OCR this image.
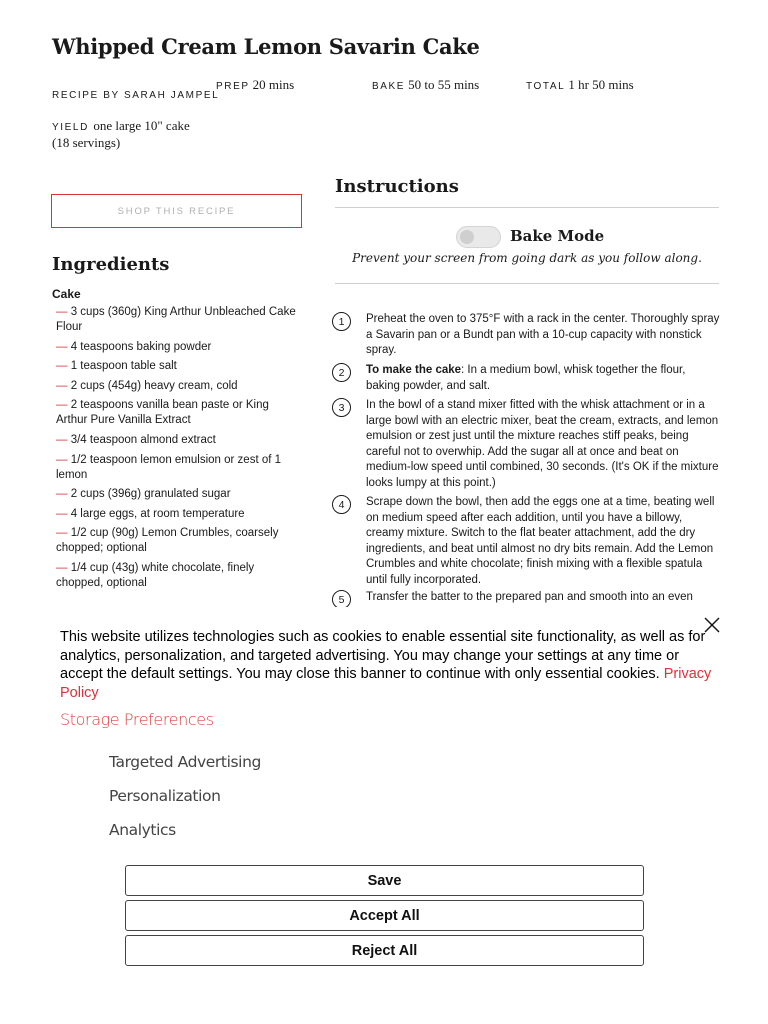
Whipped Cream Lemon Savarin Cake
RECIPE BY SARAH JAMPEL
PREP 20 mins	BAKE 50 to 55 mins	TOTAL 1 hr 50 mins
YIELD one large 10" cake
(18 servings)
SHOP THIS RECIPE
Ingredients
Cake
— 3 cups (360g) King Arthur Unbleached Cake Flour
— 4 teaspoons baking powder
— 1 teaspoon table salt
— 2 cups (454g) heavy cream, cold
— 2 teaspoons vanilla bean paste or King Arthur Pure Vanilla Extract
— 3/4 teaspoon almond extract
— 1/2 teaspoon lemon emulsion or zest of 1 lemon
— 2 cups (396g) granulated sugar
— 4 large eggs, at room temperature
— 1/2 cup (90g) Lemon Crumbles, coarsely chopped; optional
— 1/4 cup (43g) white chocolate, finely chopped, optional
Instructions
Bake Mode
Prevent your screen from going dark as you follow along.
1	Preheat the oven to 375°F with a rack in the center. Thoroughly spray a Savarin pan or a Bundt pan with a 10-cup capacity with nonstick spray.
2	To make the cake: In a medium bowl, whisk together the flour, baking powder, and salt.
3	In the bowl of a stand mixer fitted with the whisk attachment or in a large bowl with an electric mixer, beat the cream, extracts, and lemon emulsion or zest just until the mixture reaches stiff peaks, being careful not to overwhip. Add the sugar all at once and beat on medium-low speed until combined, 30 seconds. (It's OK if the mixture looks lumpy at this point.)
4	Scrape down the bowl, then add the eggs one at a time, beating well on medium speed after each addition, until you have a billowy, creamy mixture. Switch to the flat beater attachment, add the dry ingredients, and beat until almost no dry bits remain. Add the Lemon Crumbles and white chocolate; finish mixing with a flexible spatula until fully incorporated.
5	Transfer the batter to the prepared pan and smooth into an even

This website utilizes technologies such as cookies to enable essential site functionality, as well as for analytics, personalization, and targeted advertising. You may change your settings at any time or accept the default settings. You may close this banner to continue with only essential cookies. Privacy Policy

Storage Preferences
Targeted Advertising
Personalization
Analytics
Save
Accept All
Reject All
